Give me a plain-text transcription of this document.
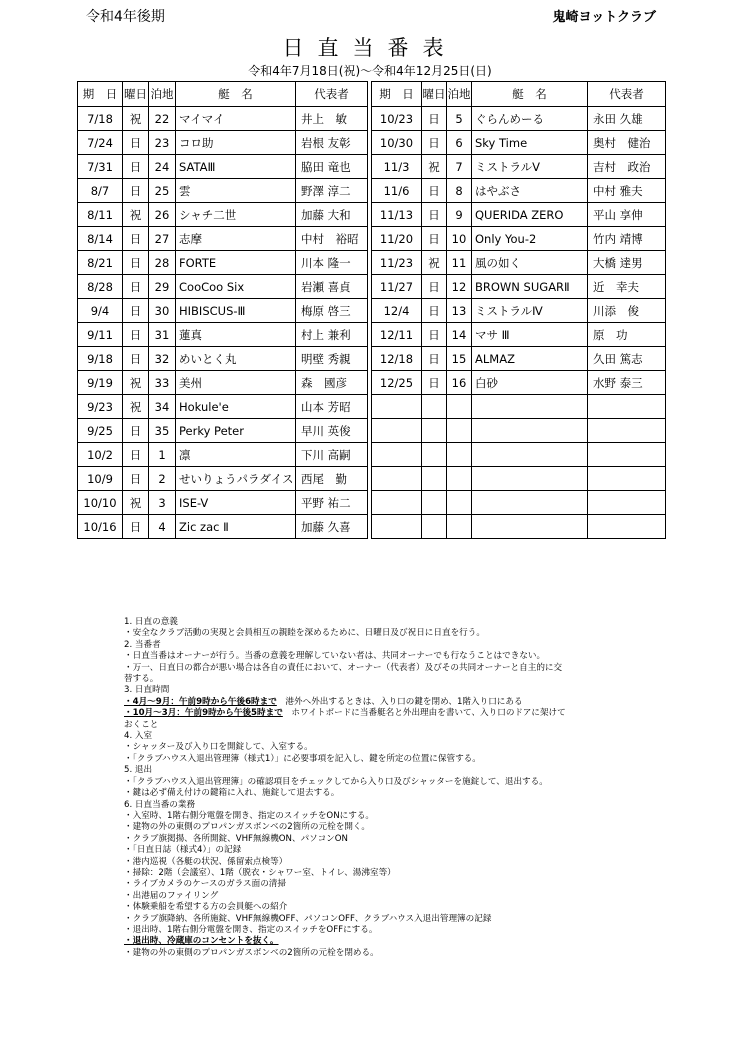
令和4年後期	鬼崎ヨットクラブ
日直当番表
令和4年7月18日(祝)～令和4年12月25日(日)
期　日	曜日	泊地	艇　名	代表者		期　日	曜日	泊地	艇　名	代表者
7/18	祝	22	マイマイ	井上　敏		10/23	日	5	ぐらんめーる	永田 久雄
7/24	日	23	コロ助	岩根 友彰		10/30	日	6	Sky Time	奥村　健治
7/31	日	24	SATAⅢ	脇田 竜也		11/3	祝	7	ミストラルⅤ	吉村　政治
8/7	日	25	雲	野澤 淳二		11/6	日	8	はやぶさ	中村 雅夫
8/11	祝	26	シャチ二世	加藤 大和		11/13	日	9	QUERIDA ZERO	平山 享伸
8/14	日	27	志摩	中村　裕昭		11/20	日	10	Only You-2	竹内 靖博
8/21	日	28	FORTE	川本 隆一		11/23	祝	11	風の如く	大橋 達男
8/28	日	29	CooCoo Six	岩瀬 喜貞		11/27	日	12	BROWN SUGARⅡ	近　幸夫
9/4	日	30	HIBISCUS-Ⅲ	梅原 啓三		12/4	日	13	ミストラルⅣ	川添　俊
9/11	日	31	蓮真	村上 兼利		12/11	日	14	マサ Ⅲ	原　功
9/18	日	32	めいとく丸	明壁 秀親		12/18	日	15	ALMAZ	久田 篤志
9/19	祝	33	美州	森　國彦		12/25	日	16	白砂	水野 泰三
9/23	祝	34	Hokule'e	山本 芳昭						
9/25	日	35	Perky Peter	早川 英俊						
10/2	日	1	凛	下川 高嗣						
10/9	日	2	せいりょうパラダイス	西尾　勤						
10/10	祝	3	ISE-V	平野 祐二						
10/16	日	4	Zic zac Ⅱ	加藤 久喜						
1. 日直の意義
・安全なクラブ活動の実現と会員相互の親睦を深めるために、日曜日及び祝日に日直を行う。
2. 当番者
・日直当番はオーナーが行う。当番の意義を理解していない者は、共同オーナーでも行なうことはできない。
・万一、日直日の都合が悪い場合は各自の責任において、オーナー（代表者）及びその共同オーナーと自主的に交
替する。
3. 日直時間
・4月～9月：午前9時から午後6時まで　港外へ外出するときは、入り口の鍵を閉め、1階入り口にある
・10月～3月：午前9時から午後5時まで　ホワイトボードに当番艇名と外出理由を書いて、入り口のドアに架けて
おくこと
4. 入室
・シャッター及び入り口を開錠して、入室する。
・「クラブハウス入退出管理簿（様式1）」に必要事項を記入し、鍵を所定の位置に保管する。
5. 退出
・「クラブハウス入退出管理簿」の確認項目をチェックしてから入り口及びシャッターを施錠して、退出する。
・鍵は必ず備え付けの鍵箱に入れ、施錠して退去する。
6. 日直当番の業務
・入室時、1階右側分電盤を開き、指定のスイッチをONにする。
・建物の外の東側のプロパンガスボンベの2箇所の元栓を開く。
・クラブ旗掲揚、各所開錠、VHF無線機ON、パソコンON
・「日直日誌（様式4）」の記録
・港内巡視（各艇の状況、係留索点検等）
・掃除：2階（会議室）、1階（脱衣・シャワー室、トイレ、湯沸室等）
・ライブカメラのケースのガラス面の清掃
・出港届のファイリング
・体験乗船を希望する方の会員艇への紹介
・クラブ旗降納、各所施錠、VHF無線機OFF、パソコンOFF、クラブハウス入退出管理簿の記録
・退出時、1階右側分電盤を開き、指定のスイッチをOFFにする。
・退出時、冷蔵庫のコンセントを抜く。
・建物の外の東側のプロパンガスボンベの2箇所の元栓を閉める。
